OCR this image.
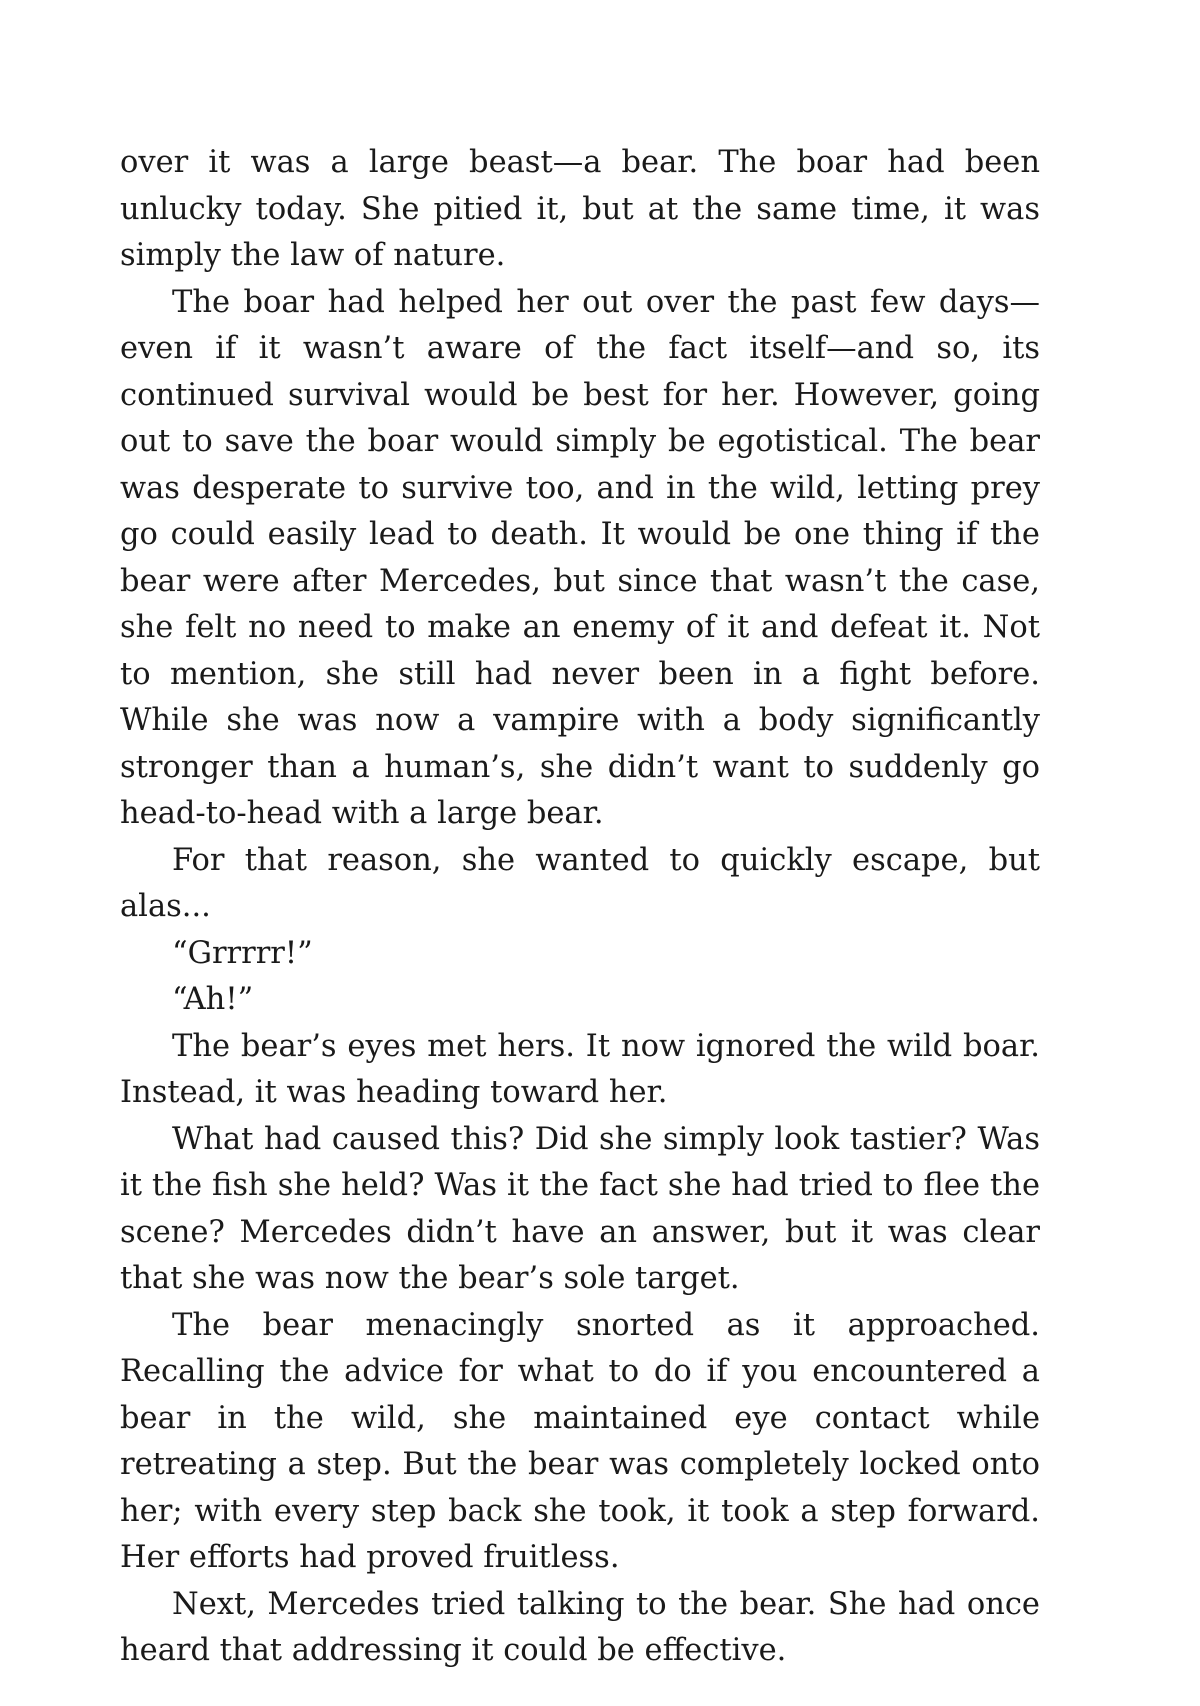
over it was a large beast—a bear. The boar had been unlucky today. She pitied it, but at the same time, it was simply the law of nature.

The boar had helped her out over the past few days—even if it wasn’t aware of the fact itself—and so, its continued survival would be best for her. However, going out to save the boar would simply be egotistical. The bear was desperate to survive too, and in the wild, letting prey go could easily lead to death. It would be one thing if the bear were after Mercedes, but since that wasn’t the case, she felt no need to make an enemy of it and defeat it. Not to mention, she still had never been in a fight before. While she was now a vampire with a body significantly stronger than a human’s, she didn’t want to suddenly go head-to-head with a large bear.

For that reason, she wanted to quickly escape, but alas...

“Grrrrr!”

“Ah!”

The bear’s eyes met hers. It now ignored the wild boar. Instead, it was heading toward her.

What had caused this? Did she simply look tastier? Was it the fish she held? Was it the fact she had tried to flee the scene? Mercedes didn’t have an answer, but it was clear that she was now the bear’s sole target.

The bear menacingly snorted as it approached. Recalling the advice for what to do if you encountered a bear in the wild, she maintained eye contact while retreating a step. But the bear was completely locked onto her; with every step back she took, it took a step forward. Her efforts had proved fruitless.

Next, Mercedes tried talking to the bear. She had once heard that addressing it could be effective.
